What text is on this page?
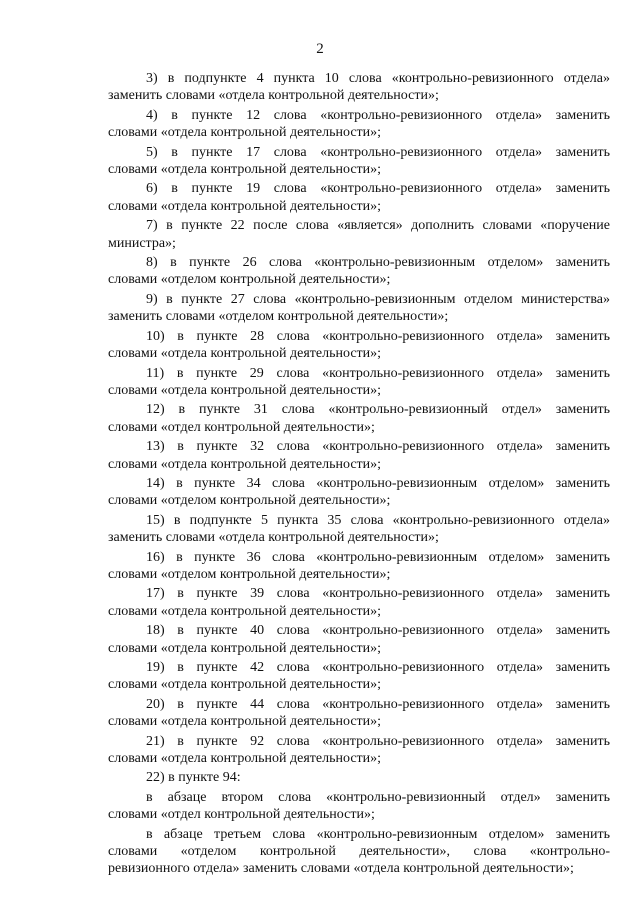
2

3) в подпункте 4 пункта 10 слова «контрольно-ревизионного отдела»
заменить словами «отдела контрольной деятельности»;

4) в пункте 12 слова «контрольно-ревизионного отдела» заменить
словами «отдела контрольной деятельности»;

5) в пункте 17 слова «контрольно-ревизионного отдела» заменить
словами «отдела контрольной деятельности»;

6) в пункте 19 слова «контрольно-ревизионного отдела» заменить
словами «отдела контрольной деятельности»;

7) в пункте 22 после слова «является» дополнить словами «поручение
министра»;

8) в пункте 26 слова «контрольно-ревизионным отделом» заменить
словами «отделом контрольной деятельности»;

9) в пункте 27 слова «контрольно-ревизионным отделом министерства»
заменить словами «отделом контрольной деятельности»;

10) в пункте 28 слова «контрольно-ревизионного отдела» заменить
словами «отдела контрольной деятельности»;

11) в пункте 29 слова «контрольно-ревизионного отдела» заменить
словами «отдела контрольной деятельности»;

12) в пункте 31 слова «контрольно-ревизионный отдел» заменить
словами «отдел контрольной деятельности»;

13) в пункте 32 слова «контрольно-ревизионного отдела» заменить
словами «отдела контрольной деятельности»;

14) в пункте 34 слова «контрольно-ревизионным отделом» заменить
словами «отделом контрольной деятельности»;

15) в подпункте 5 пункта 35 слова «контрольно-ревизионного отдела»
заменить словами «отдела контрольной деятельности»;

16) в пункте 36 слова «контрольно-ревизионным отделом» заменить
словами «отделом контрольной деятельности»;

17) в пункте 39 слова «контрольно-ревизионного отдела» заменить
словами «отдела контрольной деятельности»;

18) в пункте 40 слова «контрольно-ревизионного отдела» заменить
словами «отдела контрольной деятельности»;

19) в пункте 42 слова «контрольно-ревизионного отдела» заменить
словами «отдела контрольной деятельности»;

20) в пункте 44 слова «контрольно-ревизионного отдела» заменить
словами «отдела контрольной деятельности»;

21) в пункте 92 слова «контрольно-ревизионного отдела» заменить
словами «отдела контрольной деятельности»;

22) в пункте 94:

в абзаце втором слова «контрольно-ревизионный отдел» заменить
словами «отдел контрольной деятельности»;

в абзаце третьем слова «контрольно-ревизионным отделом» заменить
словами «отделом контрольной деятельности», слова «контрольно-
ревизионного отдела» заменить словами «отдела контрольной деятельности»;
